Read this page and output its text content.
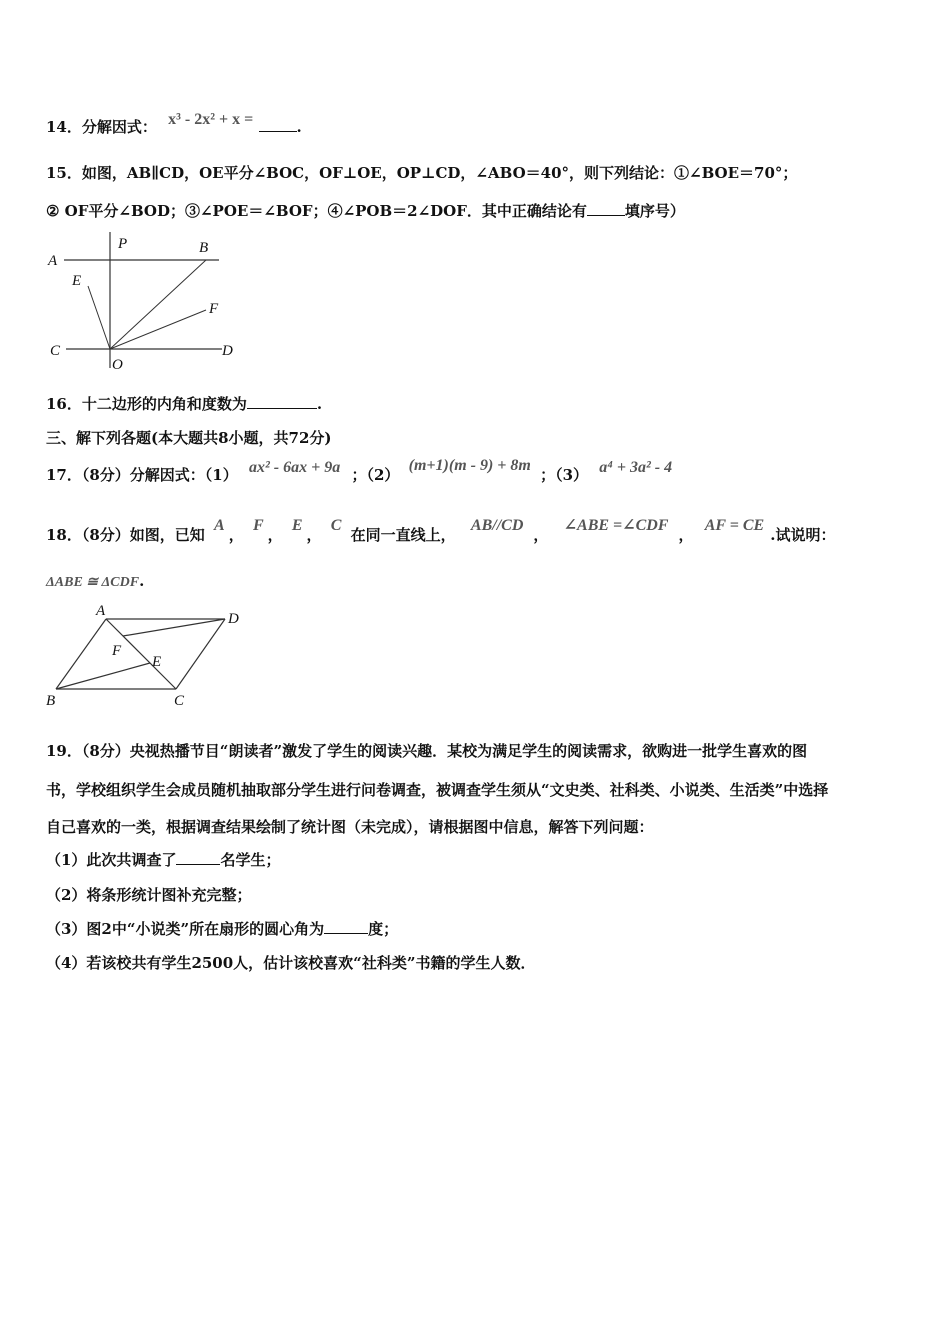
14．分解因式： x³ - 2x² + x =	.
15．如图，AB∥CD，OE平分∠BOC，OF⊥OE，OP⊥CD，∠ABO＝40°，则下列结论：①∠BOE＝70°；
② OF平分∠BOD；③∠POE＝∠BOF；④∠POB＝2∠DOF．其中正确结论有	填序号）
A
P	B
E
F
C
O
D
16．十二边形的内角和度数为	.
三、解下列各题(本大题共8小题，共72分)
17．（8分）分解因式：（1） ax² - 6ax + 9a ；（2） (m+1)(m - 9) + 8m ；（3） a⁴ + 3a² - 4
18．（8分）如图，已知 A， F， E， C 在同一直线上， AB//CD， ∠ABE =∠CDF， AF = CE.试说明：
ΔABE ≅ ΔCDF.
A	D
F
E
B	C
19．（8分）央视热播节目“朗读者”激发了学生的阅读兴趣．某校为满足学生的阅读需求，欲购进一批学生喜欢的图
书，学校组织学生会成员随机抽取部分学生进行问卷调查，被调查学生须从“文史类、社科类、小说类、生活类”中选择
自己喜欢的一类，根据调查结果绘制了统计图（未完成），请根据图中信息，解答下列问题：
（1）此次共调查了	名学生；
（2）将条形统计图补充完整；
（3）图2中“小说类”所在扇形的圆心角为	度；
（4）若该校共有学生2500人，估计该校喜欢“社科类”书籍的学生人数．
